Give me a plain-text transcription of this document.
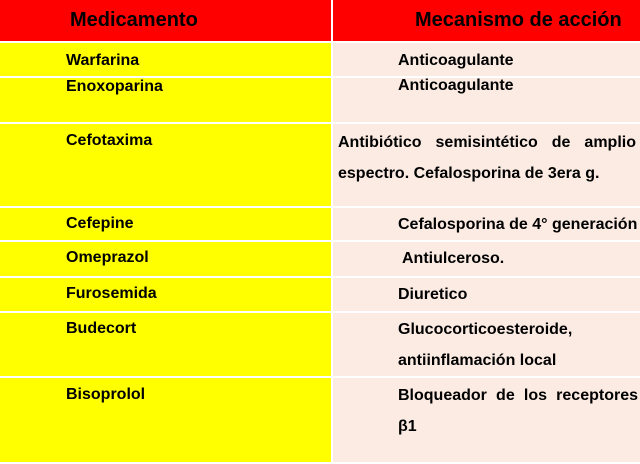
Medicamento	Mecanismo de acción
Warfarina	Anticoagulante
Enoxoparina	Anticoagulante

Cefotaxima	Antibiótico semisintético de amplio espectro. Cefalosporina de 3era g.
Cefepine	Cefalosporina de 4° generación
Omeprazol	Antiulceroso.
Furosemida	Diuretico
Budecort	Glucocorticoesteroide, antiinflamación local
Bisoprolol	Bloqueador de los receptores β1
